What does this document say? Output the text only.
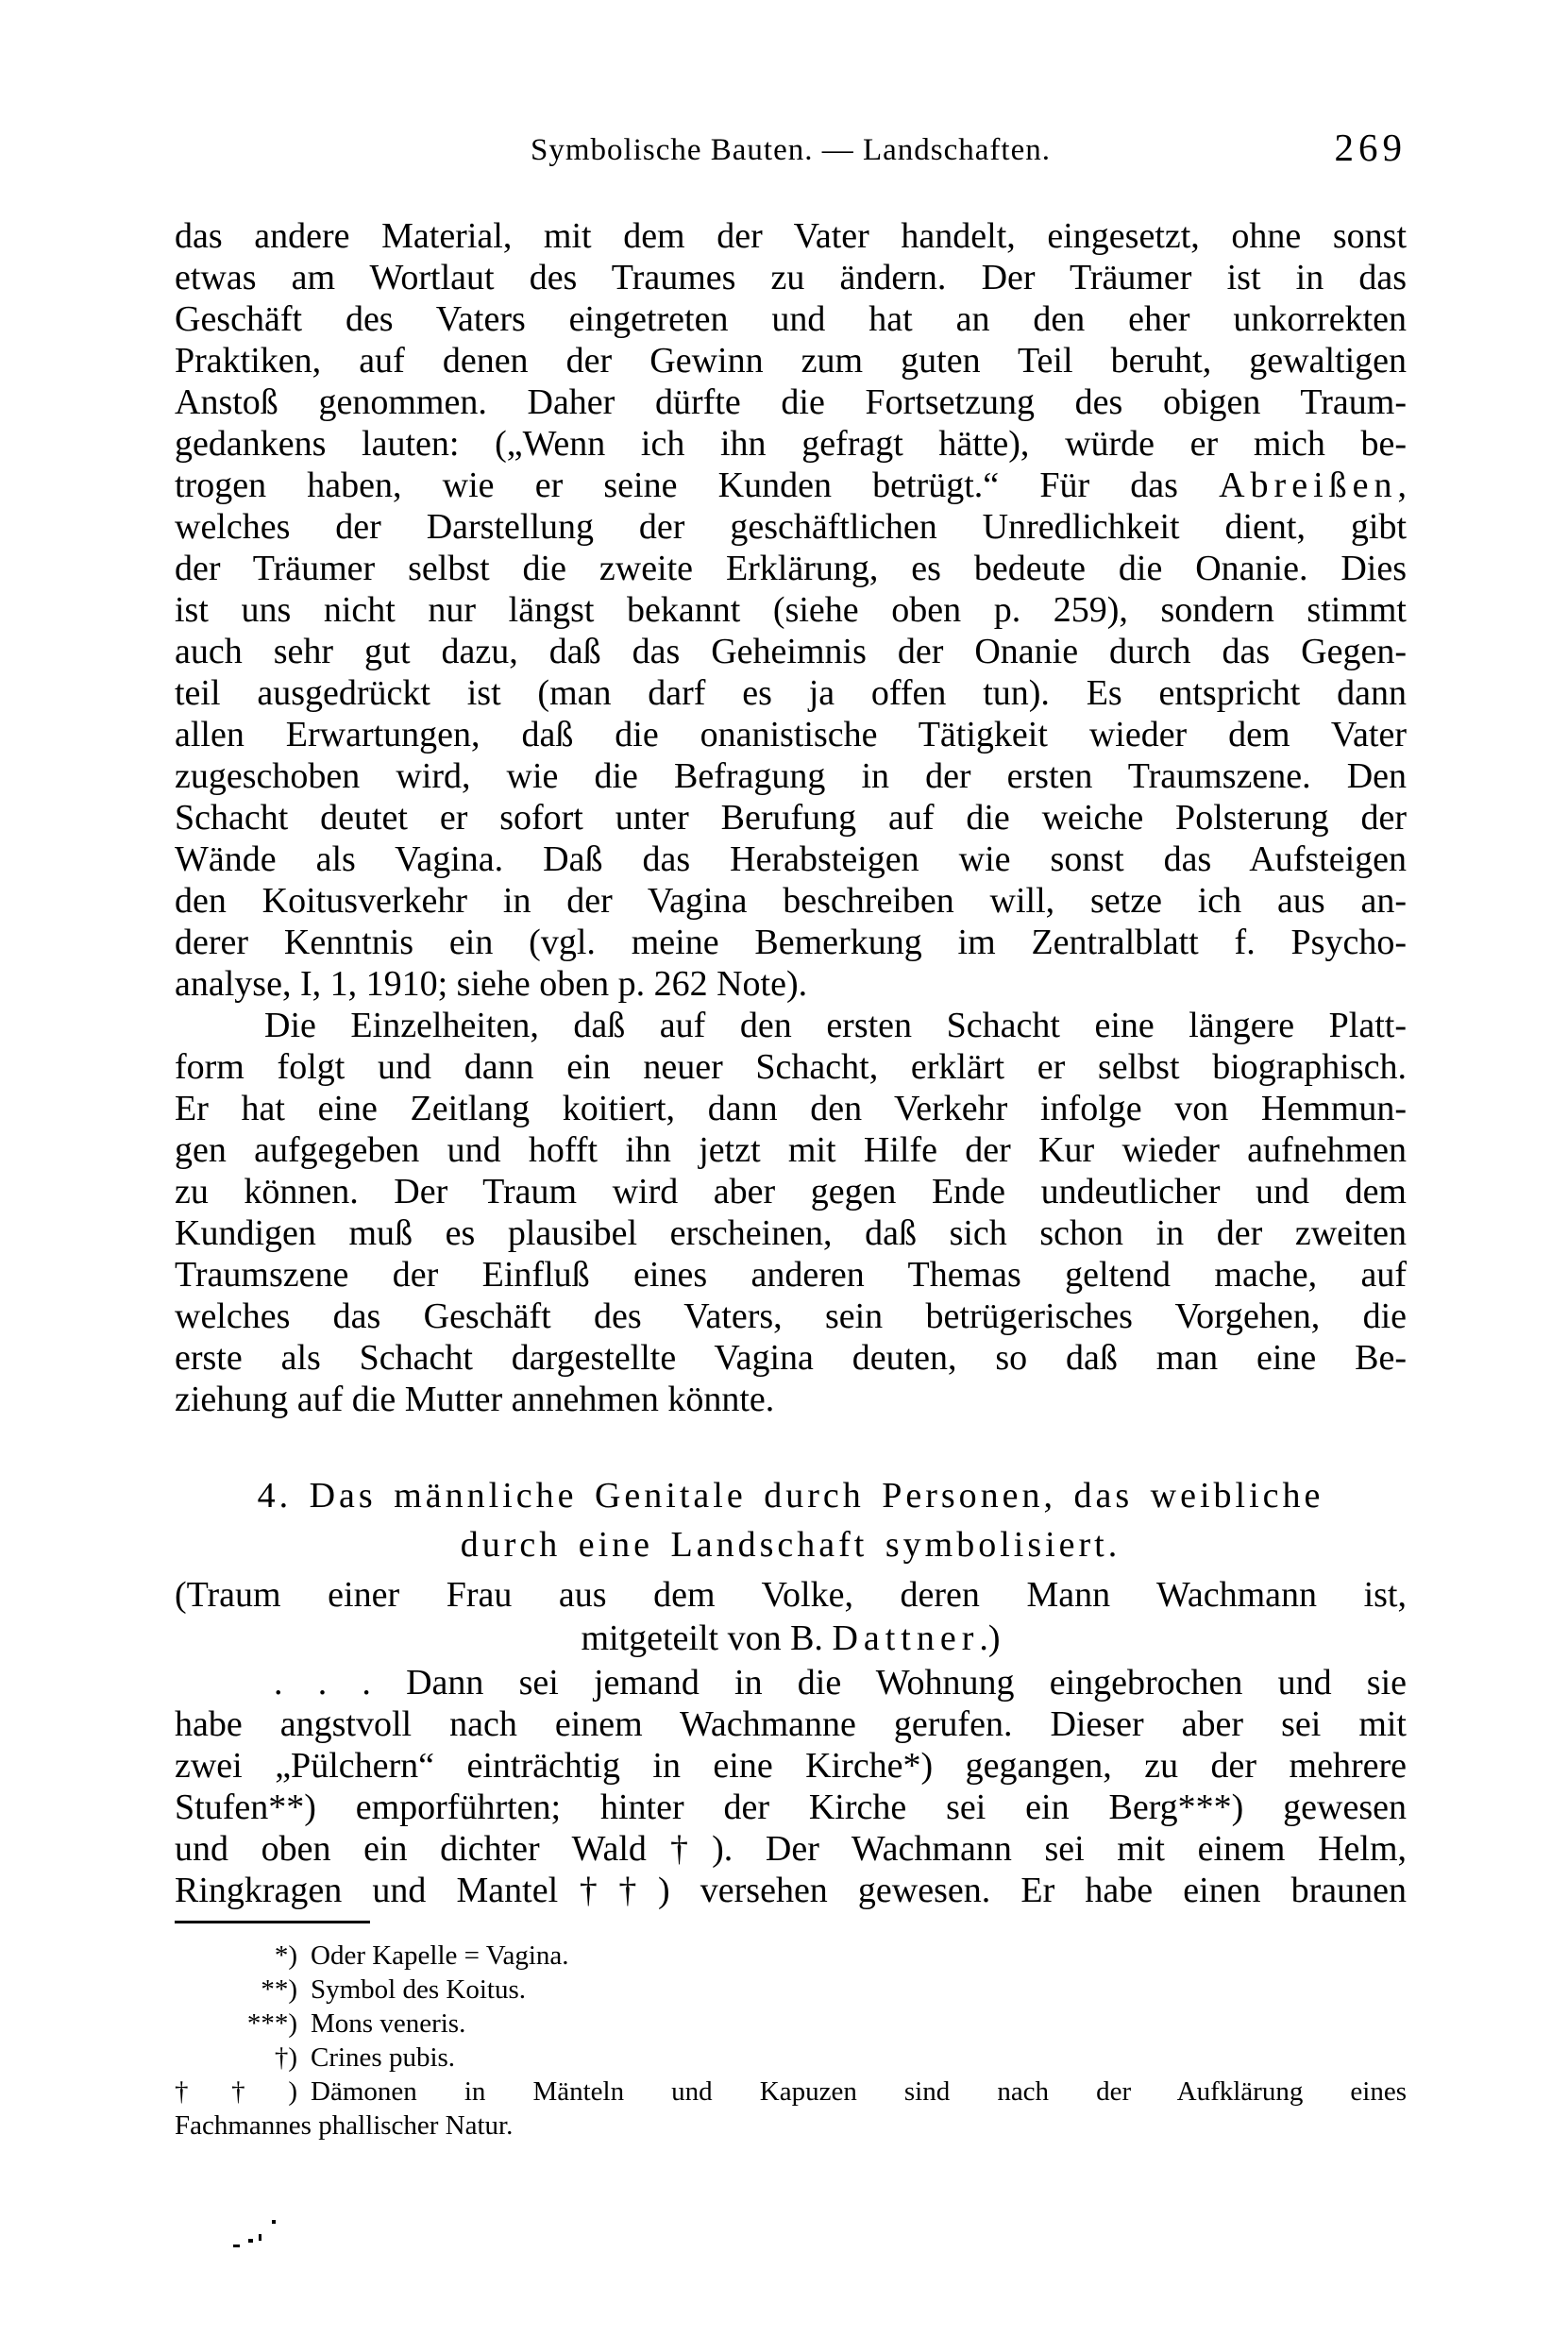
Symbolische Bauten. — Landschaften.	269
das andere Material, mit dem der Vater handelt, eingesetzt, ohne sonst
etwas am Wortlaut des Traumes zu ändern. Der Träumer ist in das
Geschäft des Vaters eingetreten und hat an den eher unkorrekten
Praktiken, auf denen der Gewinn zum guten Teil beruht, gewaltigen
Anstoß genommen. Daher dürfte die Fortsetzung des obigen Traum-
gedankens lauten: („Wenn ich ihn gefragt hätte), würde er mich be-
trogen haben, wie er seine Kunden betrügt.“ Für das Abreißen,
welches der Darstellung der geschäftlichen Unredlichkeit dient, gibt
der Träumer selbst die zweite Erklärung, es bedeute die Onanie. Dies
ist uns nicht nur längst bekannt (siehe oben p. 259), sondern stimmt
auch sehr gut dazu, daß das Geheimnis der Onanie durch das Gegen-
teil ausgedrückt ist (man darf es ja offen tun). Es entspricht dann
allen Erwartungen, daß die onanistische Tätigkeit wieder dem Vater
zugeschoben wird, wie die Befragung in der ersten Traumszene. Den
Schacht deutet er sofort unter Berufung auf die weiche Polsterung der
Wände als Vagina. Daß das Herabsteigen wie sonst das Aufsteigen
den Koitusverkehr in der Vagina beschreiben will, setze ich aus an-
derer Kenntnis ein (vgl. meine Bemerkung im Zentralblatt f. Psycho-
analyse, I, 1, 1910; siehe oben p. 262 Note).
Die Einzelheiten, daß auf den ersten Schacht eine längere Platt-
form folgt und dann ein neuer Schacht, erklärt er selbst biographisch.
Er hat eine Zeitlang koitiert, dann den Verkehr infolge von Hemmun-
gen aufgegeben und hofft ihn jetzt mit Hilfe der Kur wieder aufnehmen
zu können. Der Traum wird aber gegen Ende undeutlicher und dem
Kundigen muß es plausibel erscheinen, daß sich schon in der zweiten
Traumszene der Einfluß eines anderen Themas geltend mache, auf
welches das Geschäft des Vaters, sein betrügerisches Vorgehen, die
erste als Schacht dargestellte Vagina deuten, so daß man eine Be-
ziehung auf die Mutter annehmen könnte.
4. Das männliche Genitale durch Personen, das weibliche
durch eine Landschaft symbolisiert.
(Traum einer Frau aus dem Volke, deren Mann Wachmann ist,
mitgeteilt von B. Dattner.)
. . . Dann sei jemand in die Wohnung eingebrochen und sie
habe angstvoll nach einem Wachmanne gerufen. Dieser aber sei mit
zwei „Pülchern“ einträchtig in eine Kirche*) gegangen, zu der mehrere
Stufen**) emporführten; hinter der Kirche sei ein Berg***) gewesen
und oben ein dichter Wald†). Der Wachmann sei mit einem Helm,
Ringkragen und Mantel††) versehen gewesen. Er habe einen braunen
*) Oder Kapelle = Vagina.
**) Symbol des Koitus.
***) Mons veneris.
†) Crines pubis.
††) Dämonen in Mänteln und Kapuzen sind nach der Aufklärung eines
Fachmannes phallischer Natur.
